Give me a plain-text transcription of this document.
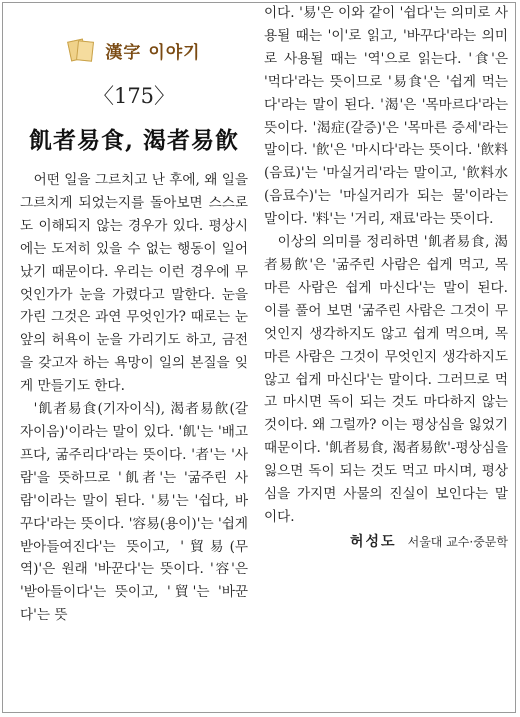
漢字 이야기
〈175〉
飢者易食, 渴者易飮

어떤 일을 그르치고 난 후에, 왜 일을 그르치게 되었는지를 돌아보면 스스로도 이해되지 않는 경우가 있다. 평상시에는 도저히 있을 수 없는 행동이 일어났기 때문이다. 우리는 이런 경우에 무엇인가가 눈을 가렸다고 말한다. 눈을 가린 그것은 과연 무엇인가? 때로는 눈앞의 허욕이 눈을 가리기도 하고, 금전을 갖고자 하는 욕망이 일의 본질을 잊게 만들기도 한다.

'飢者易食(기자이식), 渴者易飮(갈자이음)'이라는 말이 있다. '飢'는 '배고프다, 굶주리다'라는 뜻이다. '者'는 '사람'을 뜻하므로 '飢者'는 '굶주린 사람'이라는 말이 된다. '易'는 '쉽다, 바꾸다'라는 뜻이다. '容易(용이)'는 '쉽게 받아들여진다'는 뜻이고, '貿易(무역)'은 원래 '바꾼다'는 뜻이다. '容'은 '받아들이다'는 뜻이고, '貿'는 '바꾼다'는 뜻

이다. '易'은 이와 같이 '쉽다'는 의미로 사용될 때는 '이'로 읽고, '바꾸다'라는 의미로 사용될 때는 '역'으로 읽는다. '食'은 '먹다'라는 뜻이므로 '易食'은 '쉽게 먹는다'라는 말이 된다. '渴'은 '목마르다'라는 뜻이다. '渴症(갈증)'은 '목마른 증세'라는 말이다. '飮'은 '마시다'라는 뜻이다. '飮料(음료)'는 '마실거리'라는 말이고, '飮料水(음료수)'는 '마실거리가 되는 물'이라는 말이다. '料'는 '거리, 재료'라는 뜻이다.

이상의 의미를 정리하면 '飢者易食, 渴者易飮'은 '굶주린 사람은 쉽게 먹고, 목마른 사람은 쉽게 마신다'는 말이 된다. 이를 풀어 보면 '굶주린 사람은 그것이 무엇인지 생각하지도 않고 쉽게 먹으며, 목마른 사람은 그것이 무엇인지 생각하지도 않고 쉽게 마신다'는 말이다. 그러므로 먹고 마시면 독이 되는 것도 마다하지 않는 것이다. 왜 그럴까? 이는 평상심을 잃었기 때문이다. '飢者易食, 渴者易飮'-평상심을 잃으면 독이 되는 것도 먹고 마시며, 평상심을 가지면 사물의 진실이 보인다는 말이다.

허성도 서울대 교수·중문학
